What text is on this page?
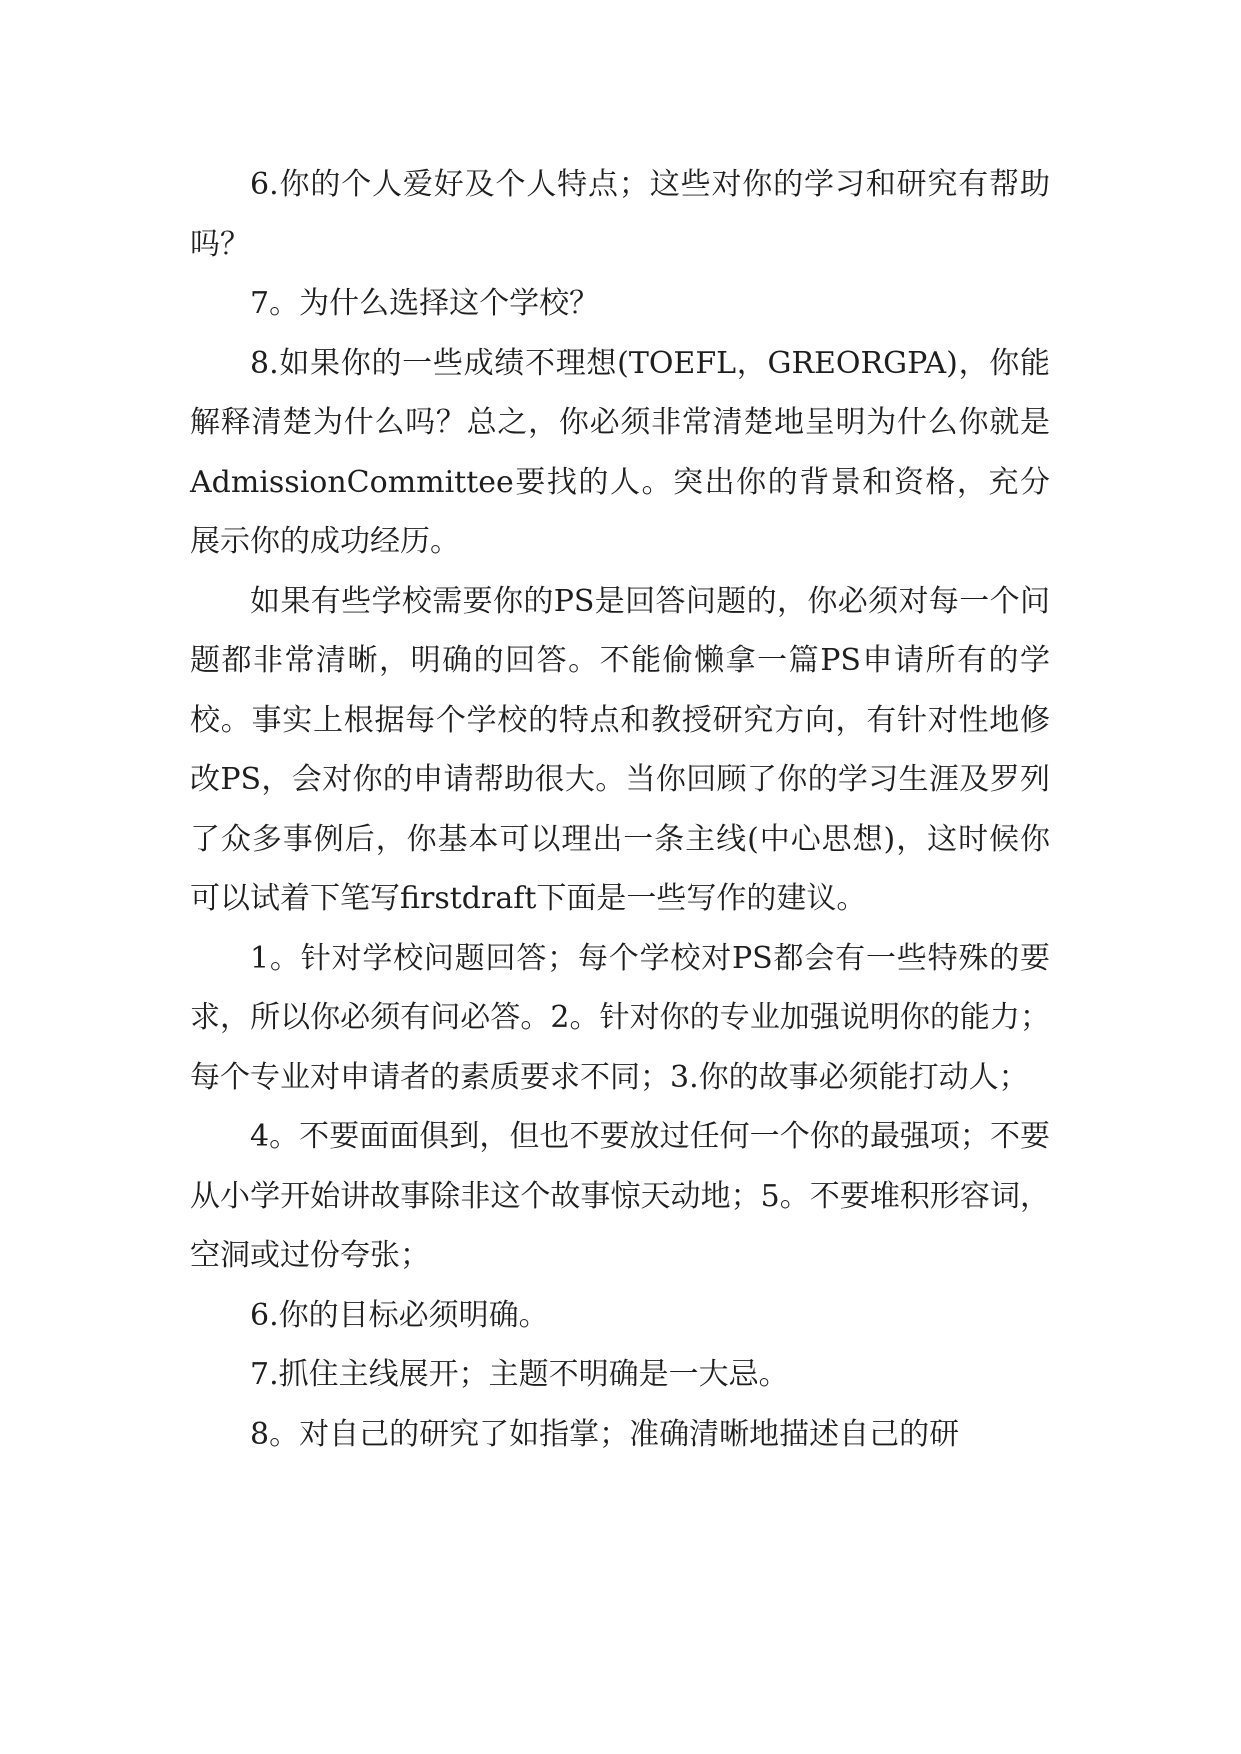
6.你的个人爱好及个人特点；这些对你的学习和研究有帮助吗？

7。为什么选择这个学校？

8.如果你的一些成绩不理想(TOEFL，GREORGPA)，你能解释清楚为什么吗？总之，你必须非常清楚地呈明为什么你就是AdmissionCommittee要找的人。突出你的背景和资格，充分展示你的成功经历。

如果有些学校需要你的PS是回答问题的，你必须对每一个问题都非常清晰，明确的回答。不能偷懒拿一篇PS申请所有的学校。事实上根据每个学校的特点和教授研究方向，有针对性地修改PS，会对你的申请帮助很大。当你回顾了你的学习生涯及罗列了众多事例后，你基本可以理出一条主线(中心思想)，这时候你可以试着下笔写firstdraft下面是一些写作的建议。

1。针对学校问题回答；每个学校对PS都会有一些特殊的要求，所以你必须有问必答。2。针对你的专业加强说明你的能力；每个专业对申请者的素质要求不同；3.你的故事必须能打动人；

4。不要面面俱到，但也不要放过任何一个你的最强项；不要从小学开始讲故事除非这个故事惊天动地；5。不要堆积形容词，空洞或过份夸张；

6.你的目标必须明确。

7.抓住主线展开；主题不明确是一大忌。

8。对自己的研究了如指掌；准确清晰地描述自己的研
